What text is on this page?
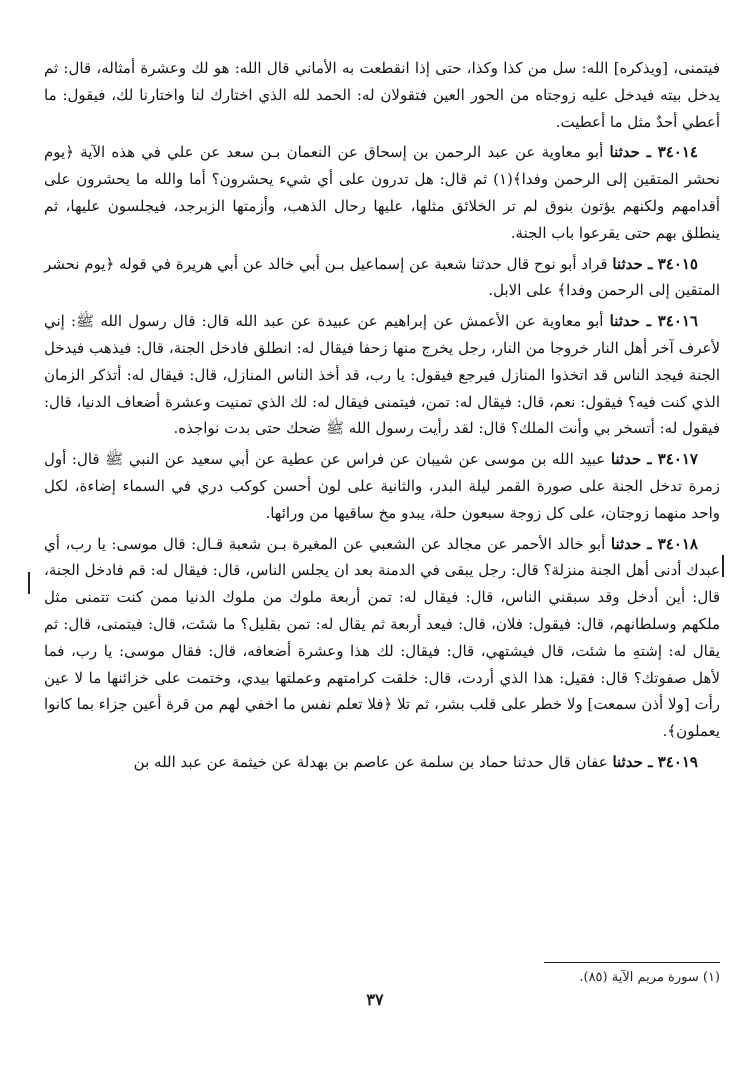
فيتمنى، [ويذكره] الله: سل من كذا وكذا، حتى إذا انقطعت به الأماني قال الله: هو لك وعشرة أمثاله، قال: ثم يدخل بيته فيدخل عليه زوجتاه من الحور العين فتقولان له: الحمد لله الذي اختارك لنا واختارنا لك، فيقول: ما أعطي أحدٌ مثل ما أعطيت.

٣٤٠١٤ ـ حدثنا أبو معاوية عن عبد الرحمن بن إسحاق عن النعمان بـن سعد عن علي في هذه الآية ﴿يوم نحشر المتقين إلى الرحمن وفدا﴾(١) ثم قال: هل تدرون على أي شيء يحشرون؟ أما والله ما يحشرون على أقدامهم ولكنهم يؤتون بنوق لم تر الخلائق مثلها، عليها رحال الذهب، وأزمتها الزبرجد، فيجلسون عليها، ثم ينطلق بهم حتى يقرعوا باب الجنة.

٣٤٠١٥ ـ حدثنا قراد أبو نوح قال حدثنا شعبة عن إسماعيل بـن أبي خالد عن أبي هريرة في قوله ﴿يوم نحشر المتقين إلى الرحمن وفدا﴾ على الابل.

٣٤٠١٦ ـ حدثنا أبو معاوية عن الأعمش عن إبراهيم عن عبيدة عن عبد الله قال: قال رسول الله ﷺ: إني لأعرف آخر أهل النار خروجا من النار، رجل يخرج منها زحفا فيقال له: انطلق فادخل الجنة، قال: فيذهب فيدخل الجنة فيجد الناس قد اتخذوا المنازل فيرجع فيقول: يا رب، قد أخذ الناس المنازل، قال: فيقال له: أتذكر الزمان الذي كنت فيه؟ فيقول: نعم، قال: فيقال له: تمن، فيتمنى فيقال له: لك الذي تمنيت وعشرة أضعاف الدنيا، قال: فيقول له: أتسخر بي وأنت الملك؟ قال: لقد رأيت رسول الله ﷺ ضحك حتى بدت نواجذه.

٣٤٠١٧ ـ حدثنا عبيد الله بن موسى عن شيبان عن فراس عن عطية عن أبي سعيد عن النبي ﷺ قال: أول زمرة تدخل الجنة على صورة القمر ليلة البدر، والثانية على لون أحسن كوكب دري في السماء إضاءة، لكل واحد منهما زوجتان، على كل زوجة سبعون حلة، يبدو مخ ساقيها من ورائها.

٣٤٠١٨ ـ حدثنا أبو خالد الأحمر عن مجالد عن الشعبي عن المغيرة بـن شعبة قـال: قال موسى: يا رب، أي عبدك أدنى أهل الجنة منزلة؟ قال: رجل يبقى في الدمنة بعد ان يجلس الناس، قال: فيقال له: قم فادخل الجنة، قال: أين أدخل وقد سبقني الناس، قال: فيقال له: تمن أربعة ملوك من ملوك الدنيا ممن كنت تتمنى مثل ملكهم وسلطانهم، قال: فيقول: فلان، قال: فيعد أربعة ثم يقال له: تمن بقليل؟ ما شئت، قال: فيتمنى، قال: ثم يقال له: إشتهِ ما شئت، قال فيشتهي، قال: فيقال: لك هذا وعشرة أضعافه، قال: فقال موسى: يا رب، فما لأهل صفوتك؟ قال: فقيل: هذا الذي أردت، قال: خلقت كرامتهم وعملتها بيدي، وختمت على خزائنها ما لا عين رأت [ولا أذن سمعت] ولا خطر على قلب بشر، ثم تلا ﴿فلا تعلم نفس ما اخفي لهم من قرة أعين جزاء بما كانوا يعملون﴾.

٣٤٠١٩ ـ حدثنا عفان قال حدثنا حماد بن سلمة عن عاصم بن بهدلة عن خيثمة عن عبد الله بن

(١) سورة مريم الآية (٨٥).
٣٧
